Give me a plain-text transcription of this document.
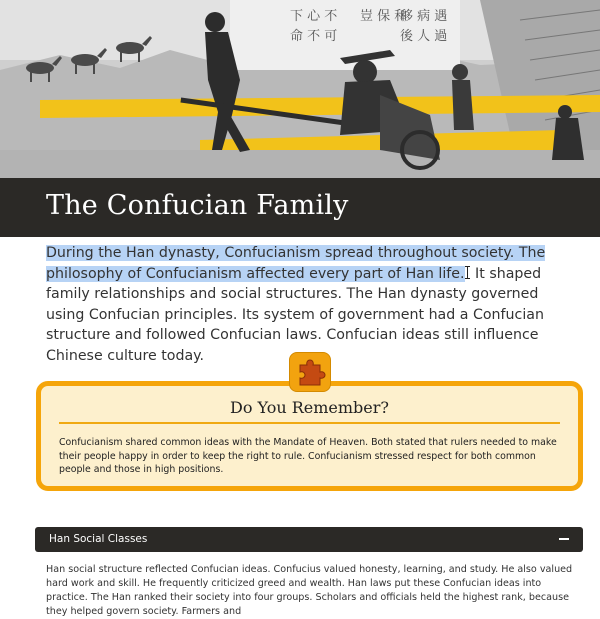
下 心 不
命 不 可
豈 保 和
移 病 遇
後 人 過
The Confucian Family
During the Han dynasty, Confucianism spread throughout society. The philosophy of Confucianism affected every part of Han life. It shaped family relationships and social structures. The Han dynasty governed using Confucian principles. Its system of government had a Confucian structure and followed Confucian laws. Confucian ideas still influence Chinese culture today.
Do You Remember?

Confucianism shared common ideas with the Mandate of Heaven. Both stated that rulers needed to make their people happy in order to keep the right to rule. Confucianism stressed respect for both common people and those in high positions.

Han Social Classes
Han social structure reflected Confucian ideas. Confucius valued honesty, learning, and study. He also valued hard work and skill. He frequently criticized greed and wealth. Han laws put these Confucian ideas into practice. The Han ranked their society into four groups. Scholars and officials held the highest rank, because they helped govern society. Farmers and
